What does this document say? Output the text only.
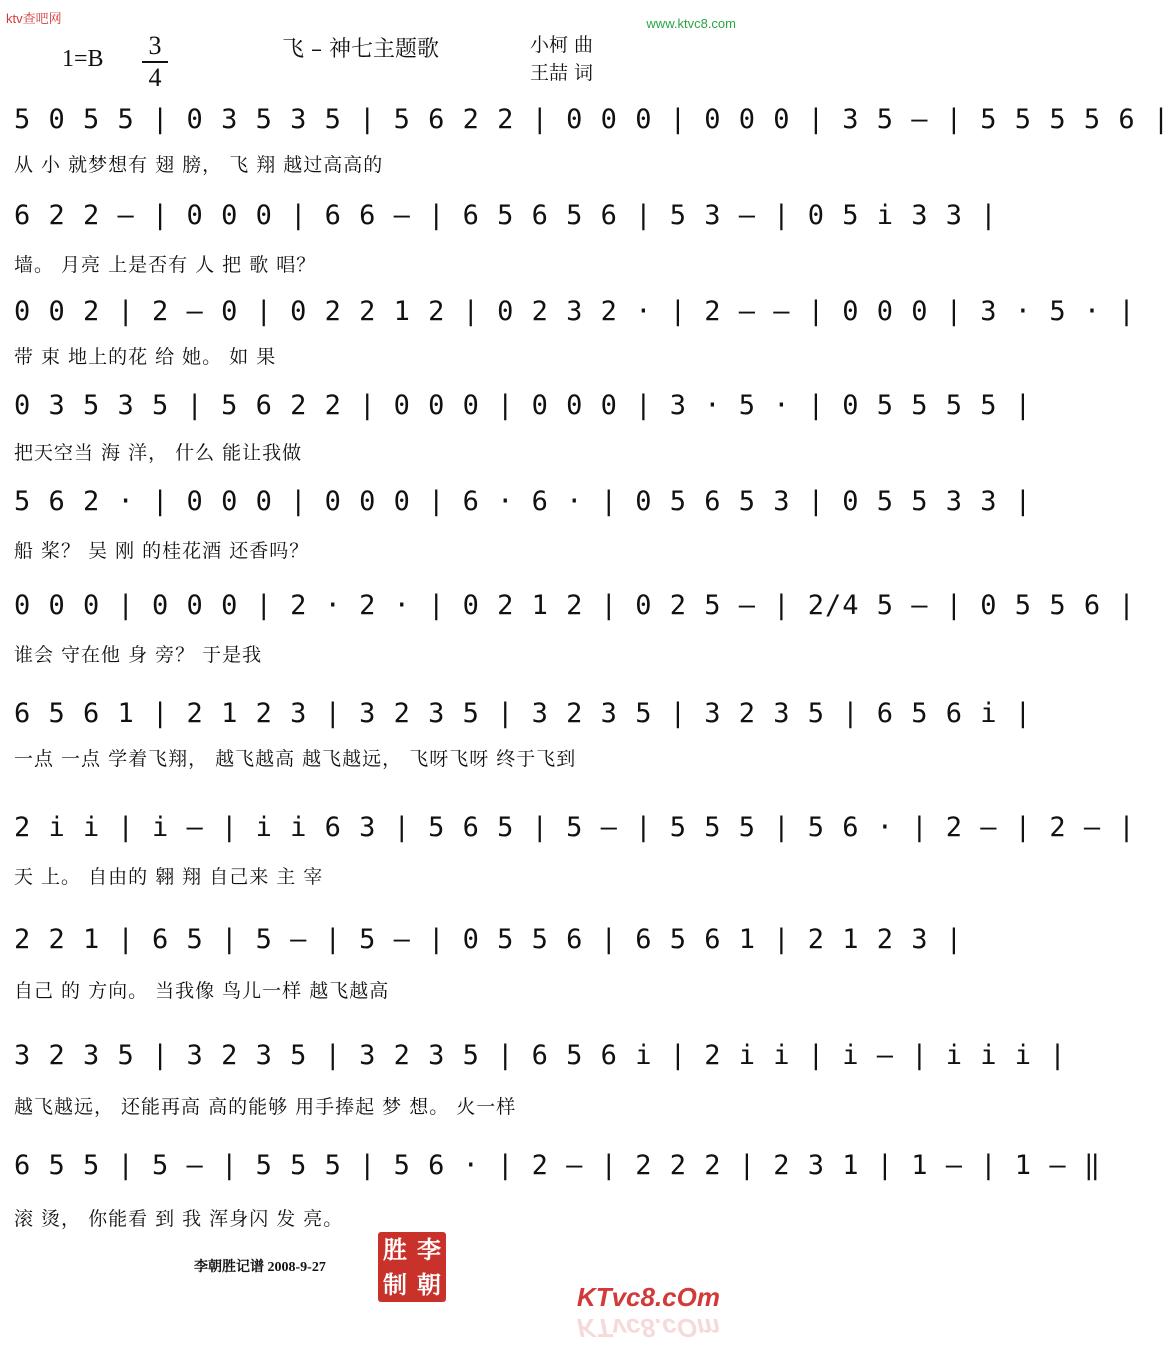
ktv查吧网	www.ktvc8.com
1=B	3
4
飞 – 神七主题歌	小柯 曲
王喆 词
5 0 5 5 | 0 3 5 3 5 | 5 6 2 2 | 0 0 0 | 0 0 0 | 3 5 – | 5 5 5 5 6 |
从 小 就梦想有 翅 膀， 飞 翔 越过高高的
6 2 2 – | 0 0 0 | 6 6 – | 6 5 6 5 6 | 5 3 – | 0 5 i 3 3 |
墙。 月亮 上是否有 人 把 歌 唱？
0 0 2 | 2 – 0 | 0 2 2 1 2 | 0 2 3 2 · | 2 – – | 0 0 0 | 3 · 5 · |
带 束 地上的花 给 她。 如 果
0 3 5 3 5 | 5 6 2 2 | 0 0 0 | 0 0 0 | 3 · 5 · | 0 5 5 5 5 |
把天空当 海 洋， 什么 能让我做
5 6 2 · | 0 0 0 | 0 0 0 | 6 · 6 · | 0 5 6 5 3 | 0 5 5 3 3 |
船 桨？ 吴 刚 的桂花酒 还香吗？
0 0 0 | 0 0 0 | 2 · 2 · | 0 2 1 2 | 0 2 5 – | 2/4 5 – | 0 5 5 6 |
谁会 守在他 身 旁？ 于是我
6 5 6 1 | 2 1 2 3 | 3 2 3 5 | 3 2 3 5 | 3 2 3 5 | 6 5 6 i |
一点 一点 学着飞翔， 越飞越高 越飞越远， 飞呀飞呀 终于飞到
2 i i | i – | i i 6 3 | 5 6 5 | 5 – | 5 5 5 | 5 6 · | 2 – | 2 – |
天 上。 自由的 翱 翔 自己来 主 宰
2 2 1 | 6 5 | 5 – | 5 – | 0 5 5 6 | 6 5 6 1 | 2 1 2 3 |
自己 的 方向。 当我像 鸟儿一样 越飞越高
3 2 3 5 | 3 2 3 5 | 3 2 3 5 | 6 5 6 i | 2 i i | i – | i i i |
越飞越远， 还能再高 高的能够 用手捧起 梦 想。 火一样
6 5 5 | 5 – | 5 5 5 | 5 6 · | 2 – | 2 2 2 | 2 3 1 | 1 – | 1 – ‖
滚 烫， 你能看 到 我 浑身闪 发 亮。
李朝胜记谱 2008-9-27
胜 李
制 朝	KTvc8.cOm
KTvc8.cOm
